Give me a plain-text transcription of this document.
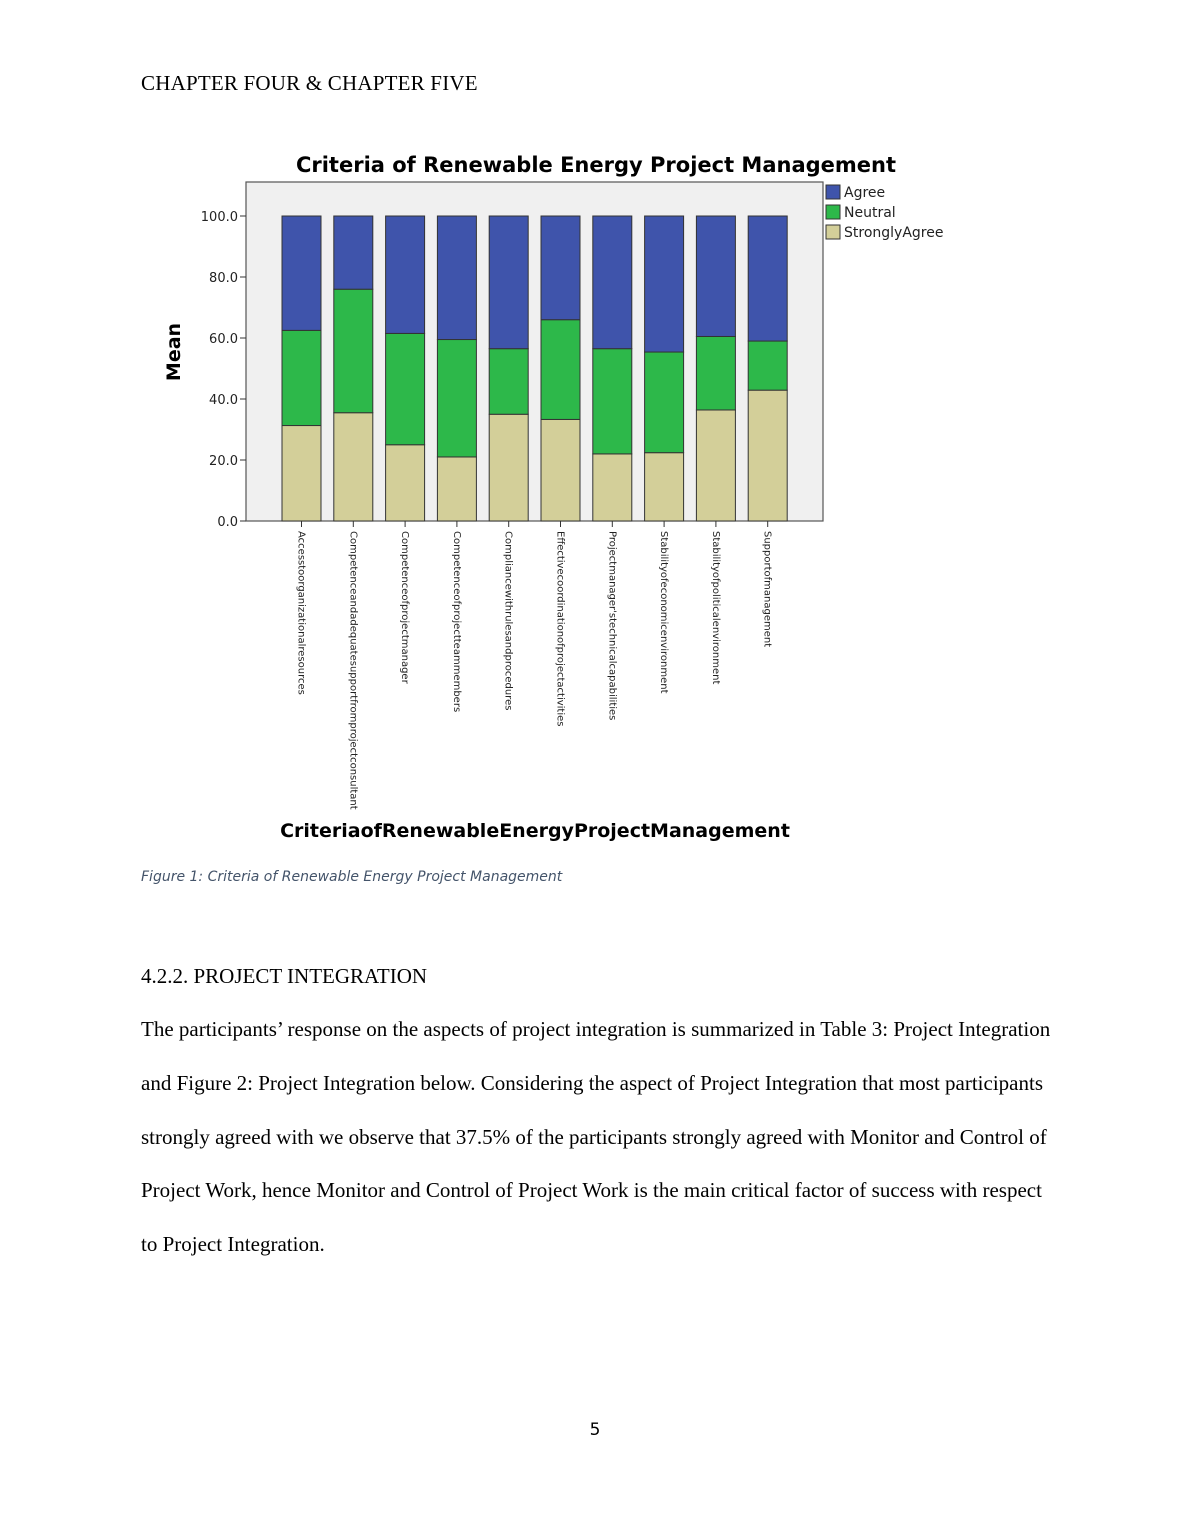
CHAPTER FOUR & CHAPTER FIVE
Criteria of Renewable Energy Project Management
Mean
CriteriaofRenewableEnergyProjectManagement
0.0
20.0
40.0
60.0
80.0
100.0
Accesstoorganizationalresources	Competenceandadequatesupportfromprojectconsultant	Competenceofprojectmanager	Competenceofprojectteammembers	Compliancewithrulesandprocedures	Effectivecoordinationofprojectactivities	Projectmanager'stechnicalcapabilities	Stabilityofeconomicenvironment	Stabilityofpoliticalenvironment	Supportofmanagement
Agree
Neutral
StronglyAgree
Figure 1: Criteria of Renewable Energy Project Management
4.2.2. PROJECT INTEGRATION
The participants’ response on the aspects of project integration is summarized in Table 3: Project Integration and Figure 2: Project Integration below. Considering the aspect of Project Integration that most participants strongly agreed with we observe that 37.5% of the participants strongly agreed with Monitor and Control of Project Work, hence Monitor and Control of Project Work is the main critical factor of success with respect to Project Integration.
5
